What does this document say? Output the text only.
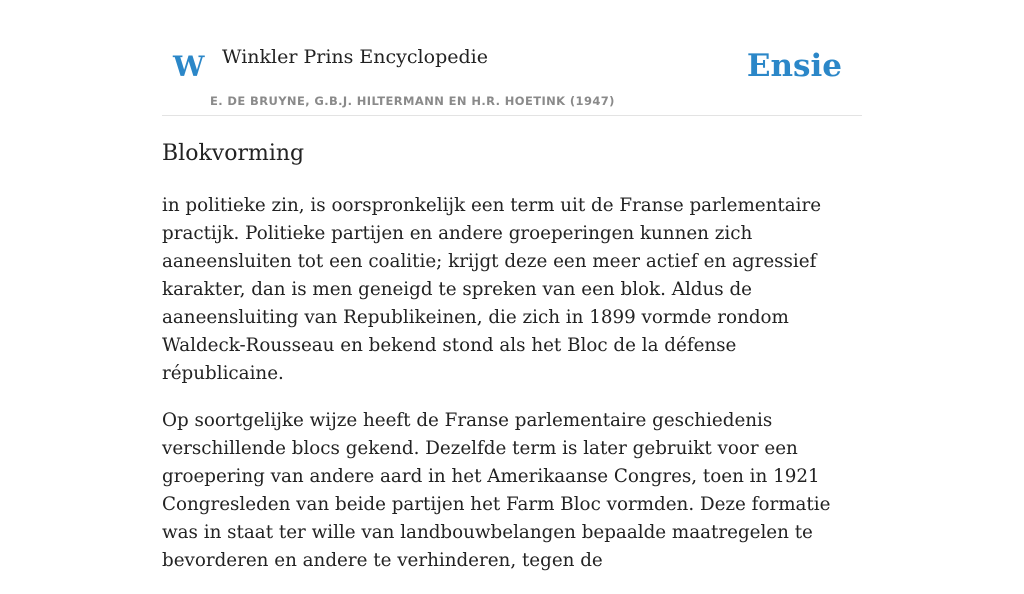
W Winkler Prins Encyclopedie
E. DE BRUYNE, G.B.J. HILTERMANN EN H.R. HOETINK (1947)
Ensie
Blokvorming

in politieke zin, is oorspronkelijk een term uit de Franse parlementaire practijk. Politieke partijen en andere groeperingen kunnen zich aaneensluiten tot een coalitie; krijgt deze een meer actief en agressief karakter, dan is men geneigd te spreken van een blok. Aldus de aaneensluiting van Republikeinen, die zich in 1899 vormde rondom Waldeck-Rousseau en bekend stond als het Bloc de la défense républicaine.

Op soortgelijke wijze heeft de Franse parlementaire geschiedenis verschillende blocs gekend. Dezelfde term is later gebruikt voor een groepering van andere aard in het Amerikaanse Congres, toen in 1921 Congresleden van beide partijen het Farm Bloc vormden. Deze formatie was in staat ter wille van landbouwbelangen bepaalde maatregelen te bevorderen en andere te verhinderen, tegen de
